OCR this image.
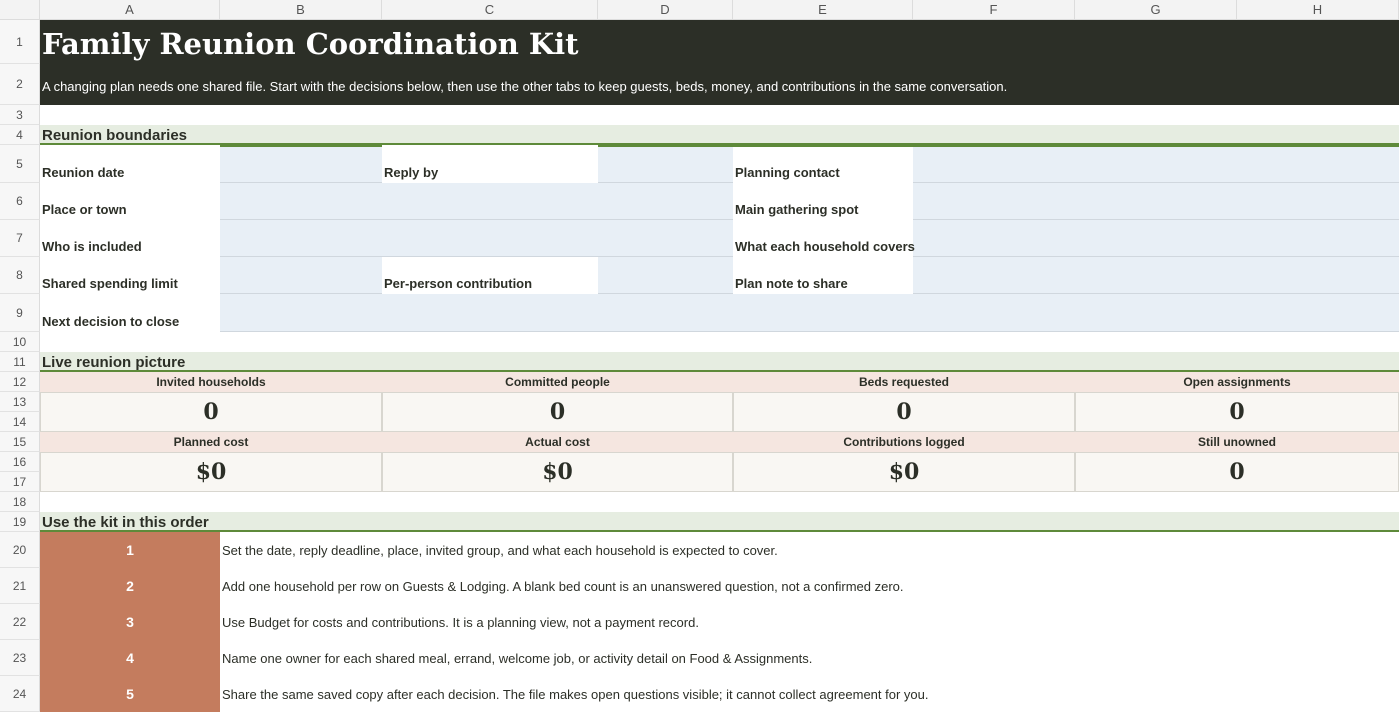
A	B	C	D	E	F	G	H
1
2
3
4
5
6
7
8
9
10
11
12
13
14
15
16
17
18
19
20
21
22
23
24
Family Reunion Coordination Kit
A changing plan needs one shared file. Start with the decisions below, then use the other tabs to keep guests, beds, money, and contributions in the same conversation.
Reunion boundaries
Reunion date	Reply by	Planning contact
Place or town	Main gathering spot
Who is included	What each household covers
Shared spending limit	Per-person contribution	Plan note to share
Next decision to close
Live reunion picture
Invited households	Committed people	Beds requested	Open assignments
0	0	0	0
Planned cost	Actual cost	Contributions logged	Still unowned
$0	$0	$0	0
Use the kit in this order
1	Set the date, reply deadline, place, invited group, and what each household is expected to cover.
2	Add one household per row on Guests & Lodging. A blank bed count is an unanswered question, not a confirmed zero.
3	Use Budget for costs and contributions. It is a planning view, not a payment record.
4	Name one owner for each shared meal, errand, welcome job, or activity detail on Food & Assignments.
5	Share the same saved copy after each decision. The file makes open questions visible; it cannot collect agreement for you.
